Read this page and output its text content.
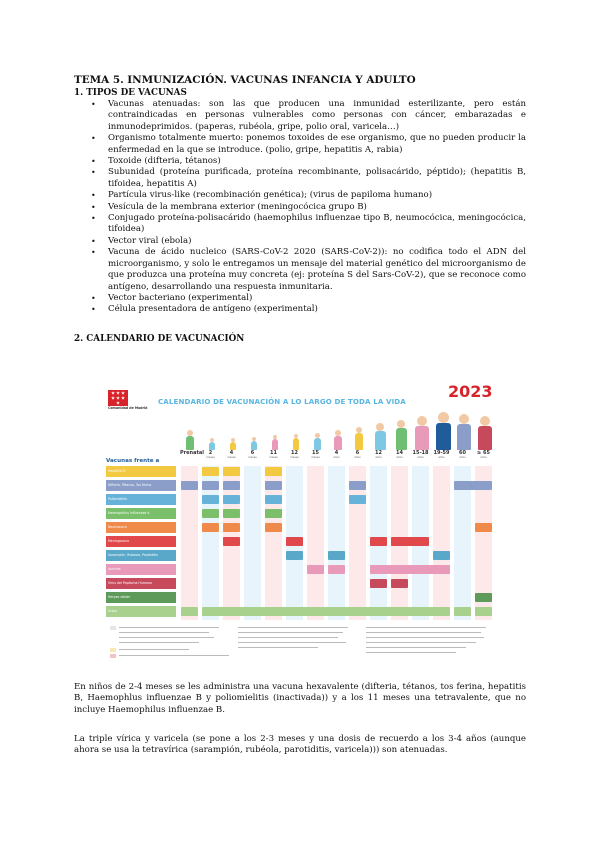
TEMA 5. INMUNIZACIÓN. VACUNAS INFANCIA Y ADULTO
1. TIPOS DE VACUNAS
• Vacunas atenuadas: son las que producen una inmunidad esterilizante, pero están contraindicadas en personas vulnerables como personas con cáncer, embarazadas e inmunodeprimidos. (paperas, rubéola, gripe, polio oral, varicela…)
• Organismo totalmente muerto: ponemos toxoides de ese organismo, que no pueden producir la enfermedad en la que se introduce. (polio, gripe, hepatitis A, rabia)
• Toxoide (difteria, tétanos)
• Subunidad (proteína purificada, proteína recombinante, polisacárido, péptido); (hepatitis B, tifoidea, hepatitis A)
• Partícula virus-like (recombinación genética); (virus de papiloma humano)
• Vesícula de la membrana exterior (meningocócica grupo B)
• Conjugado proteína-polisacárido (haemophilus influenzae tipo B, neumocócica, meningocócica, tifoidea)
• Vector viral (ebola)
• Vacuna de ácido nucleico (SARS-CoV-2 2020 (SARS-CoV-2)): no codifica todo el ADN del microorganismo, y solo le entregamos un mensaje del material genético del microorganismo de que produzca una proteína muy concreta (ej: proteína S del Sars-CoV-2), que se reconoce como antígeno, desarrollando una respuesta inmunitaria.
• Vector bacteriano (experimental)
• Célula presentadora de antígeno (experimental)
2. CALENDARIO DE VACUNACIÓN
Comunidad de Madrid
CALENDARIO DE VACUNACIÓN A LO LARGO DE TODA LA VIDA
2023
Vacunas frente a
Prenatal 2
meses
4
meses
6
meses
11
meses
12
meses
15
meses
4
años
6
años
12
años
14
años
15-18
años
19-59
años
60
años
≥ 65
años
Hepatitis B
Difteria, Tétanos, Tos ferina
Poliomielitis
Haemophilus influenzae b
Neumococo
Meningococo
Sarampión, Rubeola, Parotiditis
Varicela
Virus del Papiloma Humano
Herpes zóster
Gripe

En niños de 2-4 meses se les administra una vacuna hexavalente (difteria, tétanos, tos ferina, hepatitis B, Haemophlus influenzae B y poliomielitis (inactivada)) y a los 11 meses una tetravalente, que no incluye Haemophilus influenzae B.

La triple vírica y varicela (se pone a los 2-3 meses y una dosis de recuerdo a los 3-4 años (aunque ahora se usa la tetravírica (sarampión, rubéola, parotiditis, varicela))) son atenuadas.
